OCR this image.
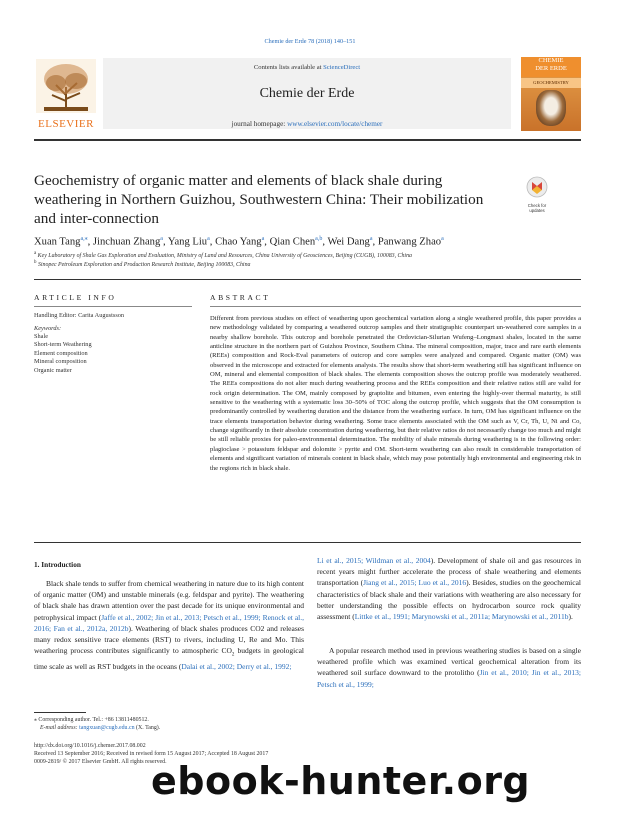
Chemie der Erde 78 (2018) 140–151
ELSEVIER
Contents lists available at ScienceDirect
Chemie der Erde
journal homepage: www.elsevier.com/locate/chemer
CHEMIE
DER ERDE
GEOCHEMISTRY
Geochemistry of organic matter and elements of black shale during weathering in Northern Guizhou, Southwestern China: Their mobilization and inter-connection
Check for
updates
Xuan Tang$^{a,⁎}$, Jinchuan Zhang$^a$, Yang Liu$^a$, Chao Yang$^a$, Qian Chen$^{a,b}$, Wei Dang$^a$, Panwang Zhao$^a$
$^a$ Key Laboratory of Shale Gas Exploration and Evaluation, Ministry of Land and Resources, China University of Geosciences, Beijing (CUGB), 100083, China
$^b$ Sinopec Petroleum Exploration and Production Research Institute, Beijing 100083, China
ARTICLE INFO
Handling Editor: Carita Augustsson
Keywords:
Shale
Short-term Weathering
Element composition
Mineral composition
Organic matter
ABSTRACT
Different from previous studies on effect of weathering upon geochemical variation along a single weathered profile, this paper provides a new methodology validated by comparing a weathered outcrop samples and their stratigraphic counterpart un-weathered core samples in a nearby shallow borehole. This outcrop and borehole penetrated the Ordovician-Silurian Wufeng–Longmaxi shales, located in the same anticline structure in the northern part of Guizhou Province, Southern China. The mineral composition, major, trace and rare earth elements (REEs) composition and Rock-Eval parameters of outcrop and core samples were analyzed and compared. Organic matter (OM) was observed in the microscope and extracted for elements analysis. The results show that short-term weathering still has significant influence on OM, mineral and elemental composition of black shales. The elements composition shows the outcrop profile was moderately weathered. The REEs compositions do not alter much during weathering process and the REEs composition and their relative ratios still are valid for rock origin determination. The OM, mainly composed by graptolite and bitumen, even entering the highly-over thermal maturity, is still sensitive to the weathering with a systematic loss 30–50% of TOC along the outcrop profile, which suggests that the OM consumption is predominantly controlled by weathering duration and the distance from the weathering surface. In turn, OM has significant influence on the trace elements transportation behavior during weathering. Some trace elements associated with the OM such as V, Cr, Th, U, Ni and Co, change significantly in their absolute concentration during weathering, but their relative ratios do not necessarily change too much and might be still reliable proxies for paleo-environmental determination. The mobility of shale minerals during weathering is in the following order: plagioclase > potassium feldspar and dolomite > pyrite and OM. Short-term weathering can also result in considerable transportation of elements and significant variation of minerals content in black shale, which may pose potentially high environmental and engineering risk in the regions rich in black shale.
1. Introduction
Black shale tends to suffer from chemical weathering in nature due to its high content of organic matter (OM) and unstable minerals (e.g. feldspar and pyrite). The weathering of black shale has drawn attention over the past decade for its unique environmental and petrophysical impact (Jaffe et al., 2002; Jin et al., 2013; Petsch et al., 1999; Renock et al., 2016; Fan et al., 2012a, 2012b). Weathering of black shales produces CO2 and releases many redox sensitive trace elements (RST) to rivers, including U, Re and Mo. This weathering process contributes significantly to atmospheric $CO_2$ budgets in geological time scale as well as RST budgets in the oceans (Dalai et al., 2002; Derry et al., 1992;
Li et al., 2015; Wildman et al., 2004). Development of shale oil and gas resources in recent years might further accelerate the process of shale weathering and elements transportation (Jiang et al., 2015; Luo et al., 2016). Besides, studies on the geochemical characteristics of black shale and their variations with weathering are also necessary for better understanding the possible effects on hydrocarbon source rock quality assessment (Littke et al., 1991; Marynowski et al., 2011a; Marynowski et al., 2011b).
A popular research method used in previous weathering studies is based on a single weathered profile which was examined vertical geochemical alteration from its weathered soil surface downward to the protolitho (Jin et al., 2010; Jin et al., 2013; Petsch et al., 1999;
⁎ Corresponding author. Tel.: +86 13811480512.
E-mail address: tangxuan@cugb.edu.cn (X. Tang).
http://dx.doi.org/10.1016/j.chemer.2017.08.002
Received 13 September 2016; Received in revised form 15 August 2017; Accepted 18 August 2017
0009-2819/ © 2017 Elsevier GmbH. All rights reserved.
ebook-hunter.org
